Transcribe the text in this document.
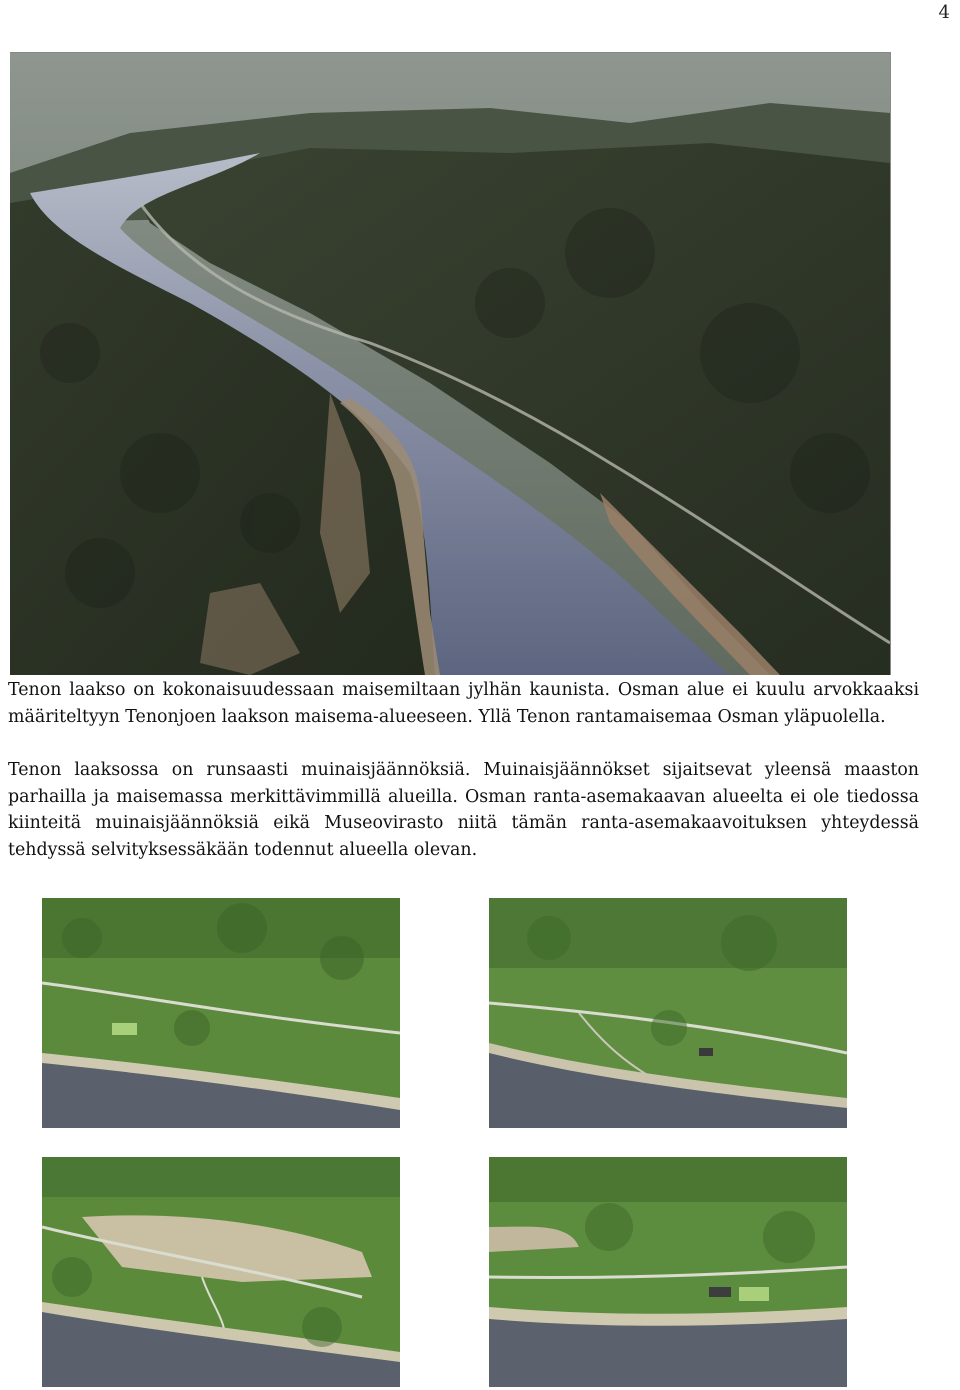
4

Tenon laakso on kokonaisuudessaan maisemiltaan jylhän kaunista. Osman alue ei kuulu arvokkaaksi määriteltyyn Tenonjoen laakson maisema-alueeseen. Yllä Tenon rantamaisemaa Osman yläpuolella.

Tenon laaksossa on runsaasti muinaisjäännöksiä. Muinaisjäännökset sijaitsevat yleensä maaston parhailla ja maisemassa merkittävimmillä alueilla. Osman ranta-asemakaavan alueelta ei ole tiedossa kiinteitä muinaisjäännöksiä eikä Museovirasto niitä tämän ranta-asemakaavoituksen yhteydessä tehdyssä selvityksessäkään todennut alueella olevan.
